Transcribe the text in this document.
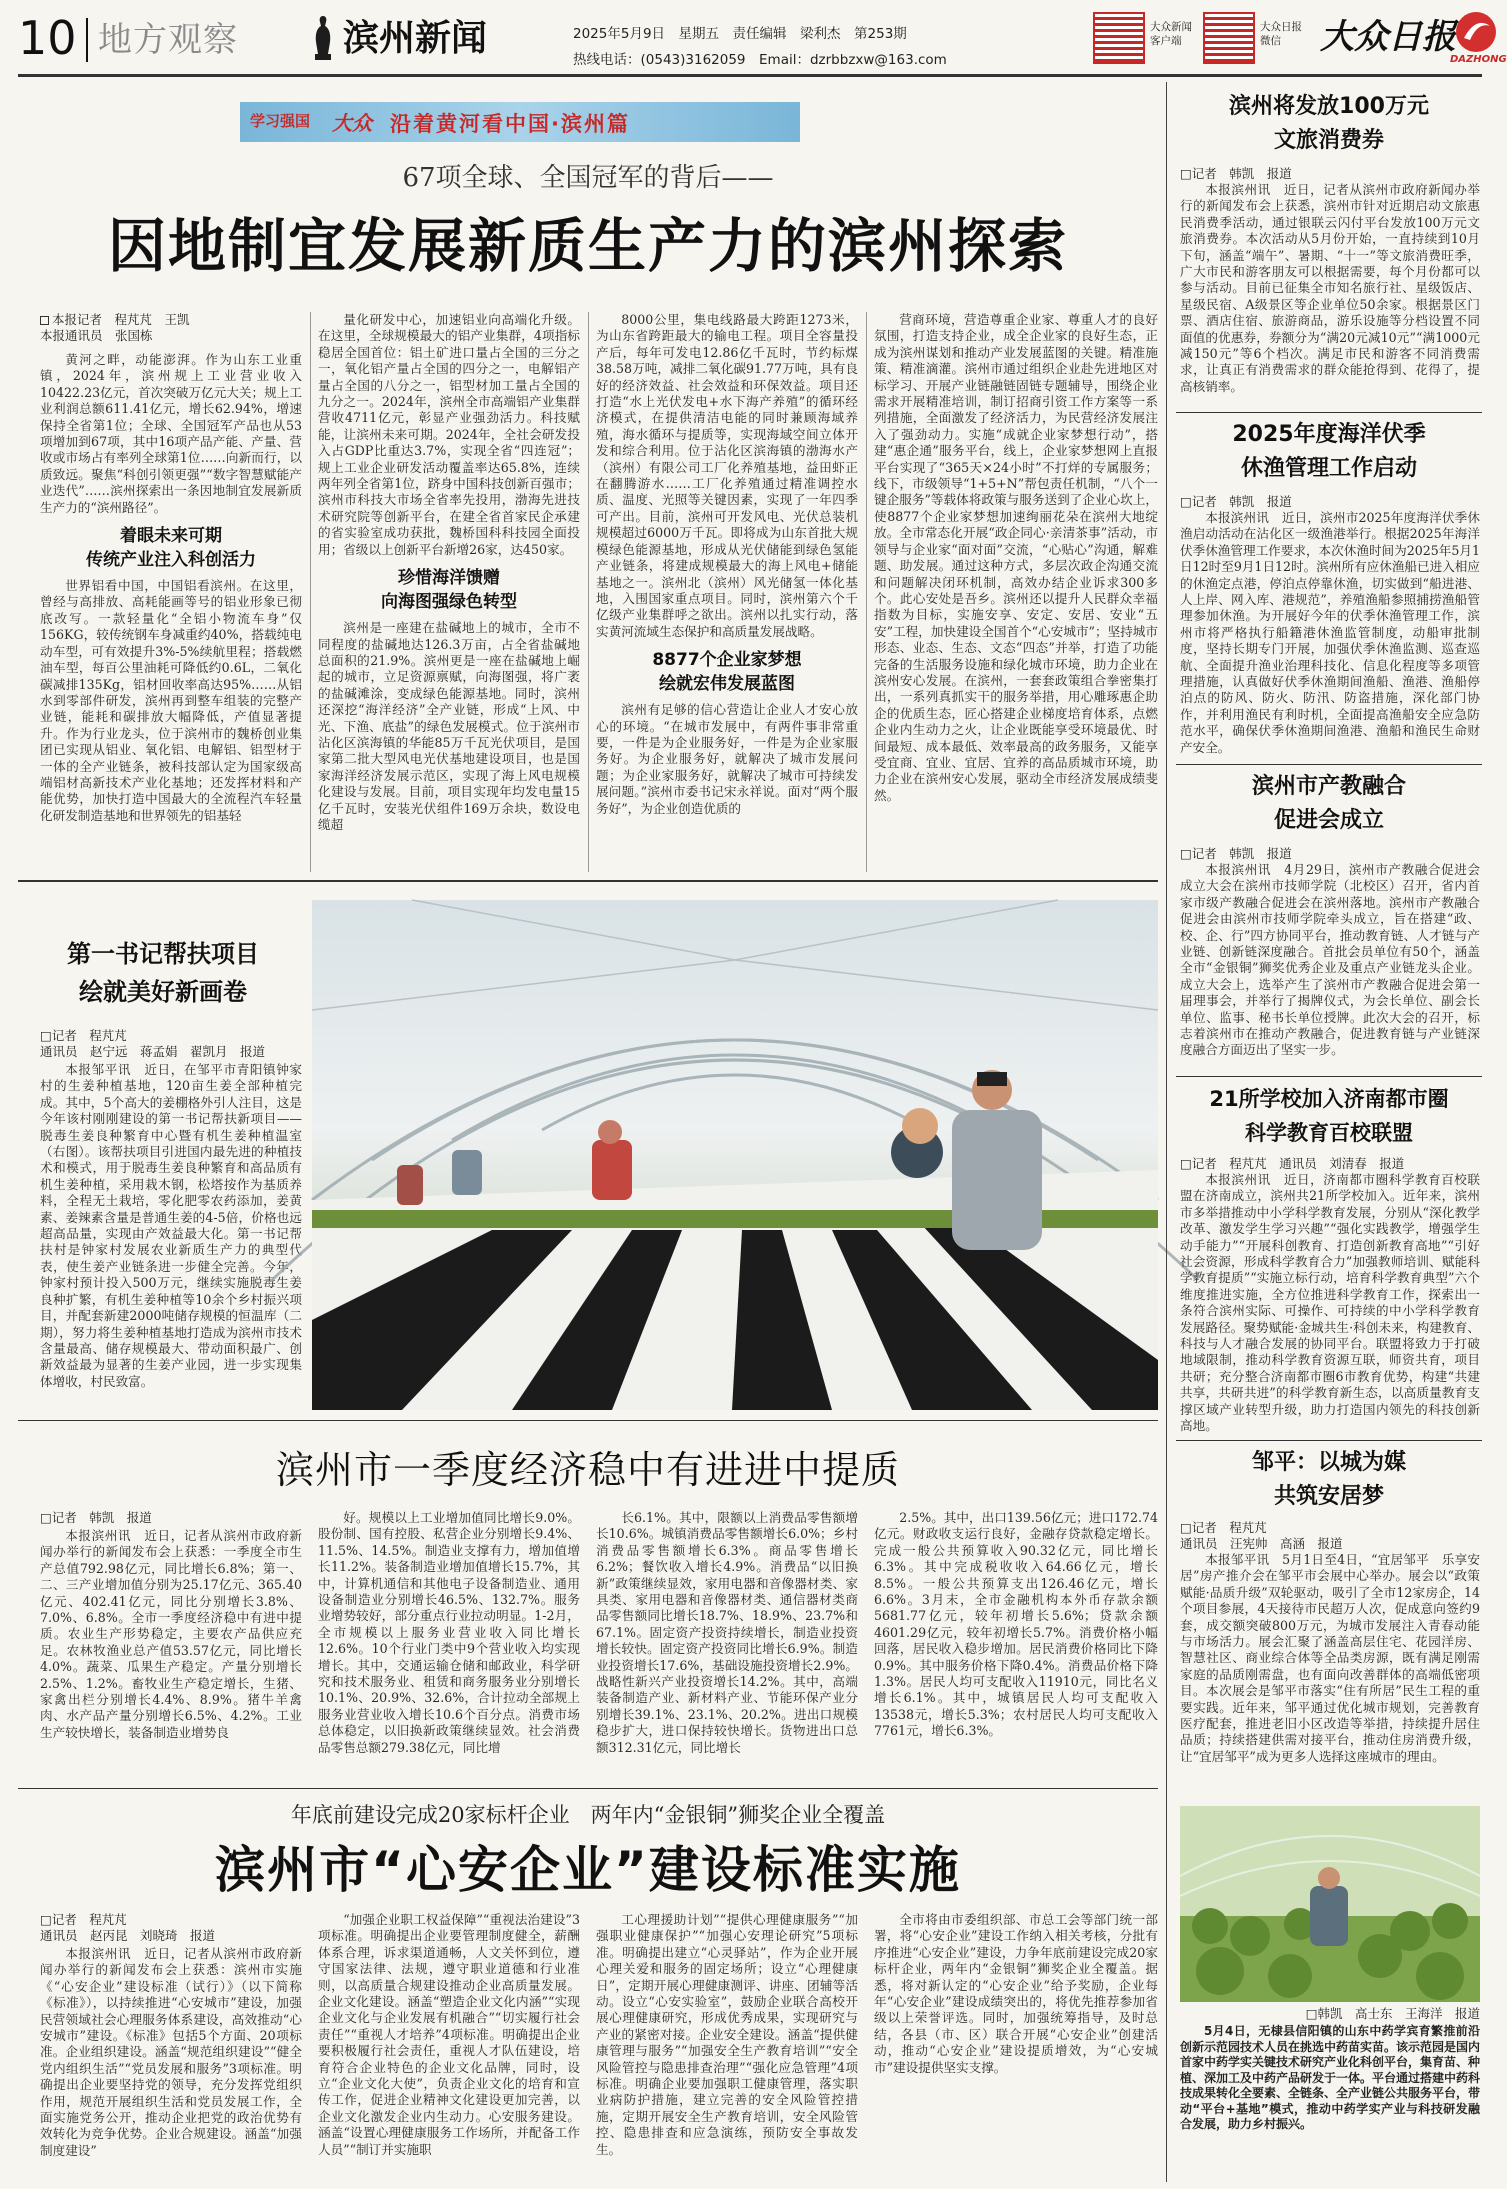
10 地方观察	滨州新闻	2025年5月9日　星期五　责任编辑　梁利杰　第253期
热线电话：(0543)3162059　Email：dzrbbzxw@163.com
大众新闻
客户端
大众日报
微信	大众日报
DAZHONG
学习强国 大众 沿着黄河看中国·滨州篇
67项全球、全国冠军的背后——
因地制宜发展新质生产力的滨州探索
本报记者　程芃芃　王凯
本报通讯员　张国栋

黄河之畔，动能澎湃。作为山东工业重镇，2024年，滨州规上工业营业收入10422.23亿元，首次突破万亿元大关；规上工业利润总额611.41亿元，增长62.94%，增速保持全省第1位；全球、全国冠军产品也从53项增加到67项，其中16项产品产能、产量、营收或市场占有率列全球第1位……向新而行，以质致远。聚焦“科创引领更强”“数字智慧赋能产业迭代”……滨州探索出一条因地制宜发展新质生产力的“滨州路径”。

着眼未来可期
传统产业注入科创活力

世界铝看中国，中国铝看滨州。在这里，曾经与高排放、高耗能画等号的铝业形象已彻底改写。一款轻量化“全铝小物流车身”仅156KG，较传统钢车身减重约40%，搭载纯电动车型，可有效提升3%-5%续航里程；搭载燃油车型，每百公里油耗可降低约0.6L，二氧化碳减排135Kg，铝材回收率高达95%……从铝水到零部件研发，滨州再到整车组装的完整产业链，能耗和碳排放大幅降低，产值显著提升。作为行业龙头，位于滨州市的魏桥创业集团已实现从铝业、氧化铝、电解铝、铝型材于一体的全产业链条，被科技部认定为国家级高端铝材高新技术产业化基地；还发挥材料和产能优势，加快打造中国最大的全流程汽车轻量化研发制造基地和世界领先的铝基轻

量化研发中心，加速铝业向高端化升级。在这里，全球规模最大的铝产业集群，4项指标稳居全国首位：铝土矿进口量占全国的三分之一，氧化铝产量占全国的四分之一，电解铝产量占全国的八分之一，铝型材加工量占全国的九分之一。2024年，滨州全市高端铝产业集群营收4711亿元，彰显产业强劲活力。科技赋能，让滨州未来可期。2024年，全社会研发投入占GDP比重达3.7%，实现全省“四连冠”；规上工业企业研发活动覆盖率达65.8%，连续两年列全省第1位，跻身中国科技创新百强市；滨州市科技大市场全省率先投用，渤海先进技术研究院等创新平台，在建全省首家民企承建的省实验室成功获批，魏桥国科科技园全面投用；省级以上创新平台新增26家，达450家。

珍惜海洋馈赠
向海图强绿色转型

滨州是一座建在盐碱地上的城市，全市不同程度的盐碱地达126.3万亩，占全省盐碱地总面积的21.9%。滨州更是一座在盐碱地上崛起的城市，立足资源禀赋，向海图强，将广袤的盐碱滩涂，变成绿色能源基地。同时，滨州还深挖“海洋经济”全产业链，形成“上风、中光、下渔、底盐”的绿色发展模式。位于滨州市沾化区滨海镇的华能85万千瓦光伏项目，是国家第二批大型风电光伏基地建设项目，也是国家海洋经济发展示范区，实现了海上风电规模化建设与发展。目前，项目实现年均发电量15亿千瓦时，安装光伏组件169万余块，数设电缆超

8000公里，集电线路最大跨距1273米，为山东省跨距最大的输电工程。项目全容量投产后，每年可发电12.86亿千瓦时，节约标煤38.58万吨，减排二氧化碳91.77万吨，具有良好的经济效益、社会效益和环保效益。项目还打造“水上光伏发电+水下海产养殖”的循环经济模式，在提供清洁电能的同时兼顾海域养殖，海水循环与提质等，实现海域空间立体开发和综合利用。位于沾化区滨海镇的渤海水产（滨州）有限公司工厂化养殖基地，益田虾正在翻腾游水……工厂化养殖通过精准调控水质、温度、光照等关键因素，实现了一年四季可产出。目前，滨州可开发风电、光伏总装机规模超过6000万千瓦。即将成为山东首批大规模绿色能源基地，形成从光伏储能到绿色氢能产业链条，将建成规模最大的海上风电+储能基地之一。滨州北（滨州）风光储氢一体化基地，入围国家重点项目。同时，滨州第六个千亿级产业集群呼之欲出。滨州以扎实行动，落实黄河流域生态保护和高质量发展战略。

8877个企业家梦想
绘就宏伟发展蓝图

滨州有足够的信心营造让企业人才安心放心的环境。“在城市发展中，有两件事非常重要，一件是为企业服务好，一件是为企业家服务好。为企业服务好，就解决了城市发展问题；为企业家服务好，就解决了城市可持续发展问题。”滨州市委书记宋永祥说。面对“两个服务好”，为企业创造优质的

营商环境，营造尊重企业家、尊重人才的良好氛围，打造支持企业，成全企业家的良好生态，正成为滨州谋划和推动产业发展蓝图的关键。精准施策、精准滴灌。滨州市通过组织企业赴先进地区对标学习、开展产业链融链固链专题辅导，围绕企业需求开展精准培训，制订招商引资工作方案等一系列措施，全面激发了经济活力，为民营经济发展注入了强劲动力。实施“成就企业家梦想行动”，搭建“惠企通”服务平台，线上，企业家梦想网上直报平台实现了“365天×24小时”不打烊的专属服务；线下，市级领导“1+5+N”帮包责任机制，“八个一键企服务”等载体将政策与服务送到了企业心坎上，使8877个企业家梦想加速绚丽花朵在滨州大地绽放。全市常态化开展“政企同心·亲清茶事”活动，市领导与企业家“面对面”交流，“心贴心”沟通，解难题、助发展。通过这种方式，多层次政企沟通交流和问题解决闭环机制，高效办结企业诉求300多个。此心安处是吾乡。滨州还以提升人民群众幸福指数为目标，实施安享、安定、安居、安业“五安”工程，加快建设全国首个“心安城市”；坚持城市形态、业态、生态、文态“四态”并举，打造了功能完备的生活服务设施和绿化城市环境，助力企业在滨州安心发展。在滨州，一套套政策组合拳密集打出，一系列真抓实干的服务举措，用心雕琢惠企助企的优质生态，匠心搭建企业梯度培育体系，点燃企业内生动力之火，让企业既能享受环境最优、时间最短、成本最低、效率最高的政务服务，又能享受宜商、宜业、宜居、宜养的高品质城市环境，助力企业在滨州安心发展，驱动全市经济发展成绩斐然。

第一书记帮扶项目
绘就美好新画卷
□记者　程芃芃
通讯员　赵宁远　蒋孟娟　翟凯月　报道

本报邹平讯　近日，在邹平市青阳镇钟家村的生姜种植基地，120亩生姜全部种植完成。其中，5个高大的姜棚格外引人注目，这是今年该村刚刚建设的第一书记帮扶新项目——脱毒生姜良种繁育中心暨有机生姜种植温室（右图）。该帮扶项目引进国内最先进的种植技术和模式，用于脱毒生姜良种繁育和高品质有机生姜种植，采用栽木钢，松塔按作为基质养料，全程无土栽培，零化肥零农药添加，姜黄素、姜辣素含量是普通生姜的4-5倍，价格也远超高品量，实现由产效益最大化。第一书记帮扶村是钟家村发展农业新质生产力的典型代表，使生姜产业链条进一步健全完善。今年，钟家村预计投入500万元，继续实施脱毒生姜良种扩繁，有机生姜种植等10余个乡村振兴项目，并配套新建2000吨储存规模的恒温库（二期），努力将生姜种植基地打造成为滨州市技术含量最高、储存规模最大、带动面积最广、创新效益最为显著的生姜产业园，进一步实现集体增收，村民致富。

滨州市一季度经济稳中有进进中提质
□记者　韩凯　报道

本报滨州讯　近日，记者从滨州市政府新闻办举行的新闻发布会上获悉：一季度全市生产总值792.98亿元，同比增长6.8%；第一、二、三产业增加值分别为25.17亿元、365.40亿元、402.41亿元，同比分别增长3.8%、7.0%、6.8%。全市一季度经济稳中有进中提质。农业生产形势稳定，主要农产品供应充足。农林牧渔业总产值53.57亿元，同比增长4.0%。蔬菜、瓜果生产稳定。产量分别增长2.5%、1.2%。畜牧业生产稳定增长，生猪、家禽出栏分别增长4.4%、8.9%。猪牛羊禽肉、水产品产量分别增长6.5%、4.2%。工业生产较快增长，装备制造业增势良

好。规模以上工业增加值同比增长9.0%。股份制、国有控股、私营企业分别增长9.4%、11.5%、14.5%。制造业支撑有力，增加值增长11.2%。装备制造业增加值增长15.7%，其中，计算机通信和其他电子设备制造业、通用设备制造业分别增长46.5%、132.7%。服务业增势较好，部分重点行业拉动明显。1-2月，全市规模以上服务业营业收入同比增长12.6%。10个行业门类中9个营业收入均实现增长。其中，交通运输仓储和邮政业，科学研究和技术服务业、租赁和商务服务业分别增长10.1%、20.9%、32.6%，合计拉动全部规上服务业营业收入增长10.6个百分点。消费市场总体稳定，以旧换新政策继续显效。社会消费品零售总额279.38亿元，同比增

长6.1%。其中，限额以上消费品零售额增长10.6%。城镇消费品零售额增长6.0%；乡村消费品零售额增长6.3%。商品零售增长6.2%；餐饮收入增长4.9%。消费品“以旧换新”政策继续显效，家用电器和音像器材类、家具类、家用电器和音像器材类、通信器材类商品零售额同比增长18.7%、18.9%、23.7%和67.1%。固定资产投资持续增长，制造业投资增长较快。固定资产投资同比增长6.9%。制造业投资增长17.6%，基础设施投资增长2.9%。战略性新兴产业投资增长14.2%。其中，高端装备制造产业、新材料产业、节能环保产业分别增长39.1%、23.1%、20.2%。进出口规模稳步扩大，进口保持较快增长。货物进出口总额312.31亿元，同比增长

2.5%。其中，出口139.56亿元；进口172.74亿元。财政收支运行良好，金融存贷款稳定增长。完成一般公共预算收入90.32亿元，同比增长6.3%。其中完成税收收入64.66亿元，增长8.5%。一般公共预算支出126.46亿元，增长6.6%。3月末，全市金融机构本外币存款余额5681.77亿元，较年初增长5.6%；贷款余额4601.29亿元，较年初增长5.7%。消费价格小幅回落，居民收入稳步增加。居民消费价格同比下降0.9%。其中服务价格下降0.4%。消费品价格下降1.3%。居民人均可支配收入11910元，同比名义增长6.1%。其中，城镇居民人均可支配收入13538元，增长5.3%；农村居民人均可支配收入7761元，增长6.3%。

年底前建设完成20家标杆企业　两年内“金银铜”狮奖企业全覆盖
滨州市“心安企业”建设标准实施
□记者　程芃芃
通讯员　赵丙昆　刘晓琦　报道

本报滨州讯　近日，记者从滨州市政府新闻办举行的新闻发布会上获悉：滨州市实施《“心安企业”建设标准（试行）》（以下简称《标准》），以持续推进“心安城市”建设，加强民营领域社会心理服务体系建设，高效推动“心安城市”建设。《标准》包括5个方面、20项标准。企业组织建设。涵盖“规范组织建设”“健全党内组织生活”“党员发展和服务”3项标准。明确提出企业要坚持党的领导，充分发挥党组织作用，规范开展组织生活和党员发展工作，全面实施党务公开，推动企业把党的政治优势有效转化为竞争优势。企业合规建设。涵盖“加强制度建设”

“加强企业职工权益保障”“重视法治建设”3项标准。明确提出企业要管理制度健全，薪酬体系合理，诉求渠道通畅，人文关怀到位，遵守国家法律、法规，遵守职业道德和行业准则，以高质量合规建设推动企业高质量发展。企业文化建设。涵盖“塑造企业文化内涵”“实现企业文化与企业发展有机融合”“切实履行社会责任”“重视人才培养”4项标准。明确提出企业要积极履行社会责任，重视人才队伍建设，培育符合企业特色的企业文化品牌，同时，设立“企业文化大使”，负责企业文化的培育和宣传工作，促进企业精神文化建设更加完善，以企业文化激发企业内生动力。心安服务建设。涵盖“设置心理健康服务工作场所，并配备工作人员”“制订并实施职

工心理援助计划”“提供心理健康服务”“加强职业健康保护”“加强心安理论研究”5项标准。明确提出建立“心灵驿站”，作为企业开展心理关爱和服务的固定场所；设立“心理健康日”，定期开展心理健康测评、讲座、团辅等活动。设立“心安实验室”，鼓励企业联合高校开展心理健康研究，形成优秀成果，实现研究与产业的紧密对接。企业安全建设。涵盖“提供健康管理与服务”“加强安全生产教育培训”“安全风险管控与隐患排查治理”“强化应急管理”4项标准。明确企业要加强职工健康管理，落实职业病防护措施，建立完善的安全风险管控措施，定期开展安全生产教育培训，安全风险管控、隐患排查和应急演练，预防安全事故发生。

全市将由市委组织部、市总工会等部门统一部署，将“心安企业”建设工作纳入相关考核，分批有序推进“心安企业”建设，力争年底前建设完成20家标杆企业，两年内“金银铜”狮奖企业全覆盖。据悉，将对新认定的“心安企业”给予奖励，企业每年“心安企业”建设成绩突出的，将优先推荐参加省级以上荣誉评选。同时，加强统筹指导，及时总结，各县（市、区）联合开展“心安企业”创建活动，推动“心安企业”建设提质增效，为“心安城市”建设提供坚实支撑。

滨州将发放100万元
文旅消费券
□记者　韩凯　报道

本报滨州讯　近日，记者从滨州市政府新闻办举行的新闻发布会上获悉，滨州市针对近期启动文旅惠民消费季活动，通过银联云闪付平台发放100万元文旅消费券。本次活动从5月份开始，一直持续到10月下旬，涵盖“端午”、暑期、“十一”等文旅消费旺季，广大市民和游客朋友可以根据需要，每个月份都可以参与活动。目前已征集全市知名旅行社、星级饭店、星级民宿、A级景区等企业单位50余家。根据景区门票、酒店住宿、旅游商品，游乐设施等分档设置不同面值的优惠券，券额分为“满20元减10元”“满1000元减150元”等6个档次。满足市民和游客不同消费需求，让真正有消费需求的群众能抢得到、花得了，提高核销率。

2025年度海洋伏季
休渔管理工作启动
□记者　韩凯　报道

本报滨州讯　近日，滨州市2025年度海洋伏季休渔启动活动在沾化区一级渔港举行。根据2025年海洋伏季休渔管理工作要求，本次休渔时间为2025年5月1日12时至9月1日12时。滨州所有应休渔船已进入相应的休渔定点港，停泊点停靠休渔，切实做到“船进港、人上岸、网入库、港规范”，养殖渔船参照捕捞渔船管理参加休渔。为开展好今年的伏季休渔管理工作，滨州市将严格执行船籍港休渔监管制度，动船审批制度，坚持长期专门开展，加强伏季休渔监测、巡查巡航、全面提升渔业治理科技化、信息化程度等多项管理措施，认真做好伏季休渔期间渔船、渔港、渔船停泊点的防风、防火、防汛、防盗措施，深化部门协作，并利用渔民有利时机，全面提高渔船安全应急防范水平，确保伏季休渔期间渔港、渔船和渔民生命财产安全。

滨州市产教融合
促进会成立
□记者　韩凯　报道

本报滨州讯　4月29日，滨州市产教融合促进会成立大会在滨州市技师学院（北校区）召开，省内首家市级产教融合促进会在滨州落地。滨州市产教融合促进会由滨州市技师学院牵头成立，旨在搭建“政、校、企、行”四方协同平台，推动教育链、人才链与产业链、创新链深度融合。首批会员单位有50个，涵盖全市“金银铜”狮奖优秀企业及重点产业链龙头企业。成立大会上，选举产生了滨州市产教融合促进会第一届理事会，并举行了揭牌仪式，为会长单位、副会长单位、监事、秘书长单位授牌。此次大会的召开，标志着滨州市在推动产教融合，促进教育链与产业链深度融合方面迈出了坚实一步。

21所学校加入济南都市圈
科学教育百校联盟
□记者　程芃芃　通讯员　刘清春　报道

本报滨州讯　近日，济南都市圈科学教育百校联盟在济南成立，滨州共21所学校加入。近年来，滨州市多举措推动中小学科学教育发展，分别从“深化教学改革、激发学生学习兴趣”“强化实践教学，增强学生动手能力”“开展科创教育、打造创新教育高地”“引好社会资源，形成科学教育合力”加强教师培训、赋能科学教育提质”“实施立标行动，培育科学教育典型”六个维度推进实施，全方位推进科学教育工作，探索出一条符合滨州实际、可操作、可持续的中小学科学教育发展路径。聚势赋能·金城共生·科创未来，构建教育、科技与人才融合发展的协同平台。联盟将致力于打破地域限制，推动科学教育资源互联，师资共育，项目共研；充分整合济南都市圈6市教育优势，构建“共建共享，共研共进”的科学教育新生态，以高质量教育支撑区域产业转型升级，助力打造国内领先的科技创新高地。

邹平：以城为媒
共筑安居梦
□记者　程芃芃
通讯员　汪宪帅　高涵　报道

本报邹平讯　5月1日至4日，“宜居邹平　乐享安居”房产推介会在邹平市会展中心举办。展会以“政策赋能·品质升级”双轮驱动，吸引了全市12家房企，14个项目参展，4天接待市民超万人次，促成意向签约9套，成交额突破800万元，为城市发展注入青春动能与市场活力。展会汇聚了涵盖高层住宅、花园洋房、智慧社区、商业综合体等全品类房源，既有满足刚需家庭的品质刚需盘，也有面向改善群体的高端低密项目。本次展会是邹平市落实“住有所居”民生工程的重要实践。近年来，邹平通过优化城市规划，完善教育医疗配套，推进老旧小区改造等举措，持续提升居住品质；持续搭建供需对接平台，推动住房消费升级，让“宜居邹平”成为更多人选择这座城市的理由。

□韩凯　高士东　王海洋　报道

5月4日，无棣县信阳镇的山东中药学宾育繁推前沿创新示范园技术人员在挑选中药苗实苗。该示范园是国内首家中药学实关键技术研究产业化科创平台，集育苗、种植、深加工及中药产品研发于一体。平台通过搭建中药科技成果转化全要素、全链条、全产业链公共服务平台，带动“平台+基地”模式，推动中药学实产业与科技研发融合发展，助力乡村振兴。
